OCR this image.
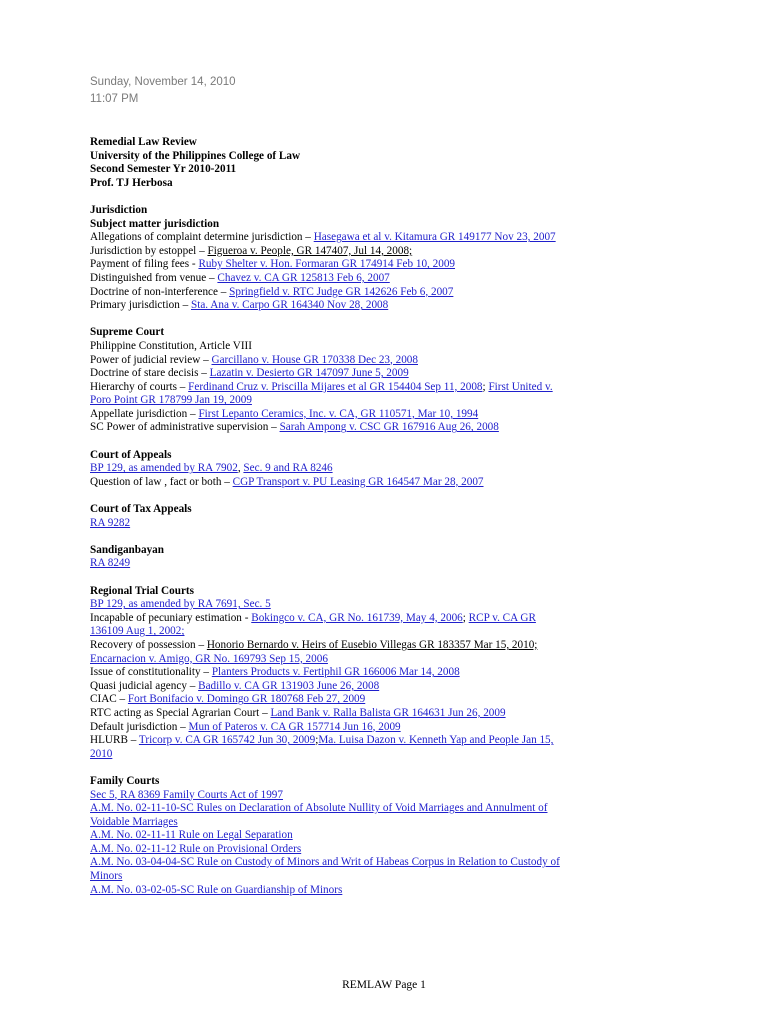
Sunday, November 14, 2010
11:07 PM
Remedial Law Review
University of the Philippines College of Law
Second Semester Yr 2010-2011
Prof. TJ Herbosa
Jurisdiction
Subject matter jurisdiction
Allegations of complaint determine jurisdiction – Hasegawa et al v. Kitamura GR 149177 Nov 23, 2007
Jurisdiction by estoppel – Figueroa v. People, GR 147407, Jul 14, 2008;
Payment of filing fees - Ruby Shelter v. Hon. Formaran GR 174914 Feb 10, 2009
Distinguished from venue – Chavez v. CA GR 125813 Feb 6, 2007
Doctrine of non-interference – Springfield v. RTC Judge GR 142626 Feb 6, 2007
Primary jurisdiction – Sta. Ana v. Carpo GR 164340 Nov 28, 2008
Supreme Court
Philippine Constitution, Article VIII
Power of judicial review – Garcillano v. House GR 170338 Dec 23, 2008
Doctrine of stare decisis – Lazatin v. Desierto GR 147097 June 5, 2009
Hierarchy of courts – Ferdinand Cruz v. Priscilla Mijares et al GR 154404 Sep 11, 2008; First United v. Poro Point GR 178799 Jan 19, 2009
Appellate jurisdiction – First Lepanto Ceramics, Inc. v. CA, GR 110571, Mar 10, 1994
SC Power of administrative supervision – Sarah Ampong v. CSC GR 167916 Aug 26, 2008
Court of Appeals
BP 129, as amended by RA 7902, Sec. 9 and RA 8246
Question of law , fact or both – CGP Transport v. PU Leasing GR 164547 Mar 28, 2007
Court of Tax Appeals
RA 9282
Sandiganbayan
RA 8249
Regional Trial Courts
BP 129, as amended by RA 7691, Sec. 5
Incapable of pecuniary estimation - Bokingco v. CA, GR No. 161739, May 4, 2006; RCP v. CA GR 136109 Aug 1, 2002;
Recovery of possession – Honorio Bernardo v. Heirs of Eusebio Villegas GR 183357 Mar 15, 2010;
Encarnacion v. Amigo, GR No. 169793 Sep 15, 2006
Issue of constitutionality – Planters Products v. Fertiphil GR 166006 Mar 14, 2008
Quasi judicial agency – Badillo v. CA GR 131903 June 26, 2008
CIAC – Fort Bonifacio v. Domingo GR 180768 Feb 27, 2009
RTC acting as Special Agrarian Court – Land Bank v. Ralla Balista GR 164631 Jun 26, 2009
Default jurisdiction – Mun of Pateros v. CA GR 157714 Jun 16, 2009
HLURB – Tricorp v. CA GR 165742 Jun 30, 2009;Ma. Luisa Dazon v. Kenneth Yap and People Jan 15, 2010
Family Courts
Sec 5, RA 8369 Family Courts Act of 1997
A.M. No. 02-11-10-SC Rules on Declaration of Absolute Nullity of Void Marriages and Annulment of Voidable Marriages
A.M. No. 02-11-11 Rule on Legal Separation
A.M. No. 02-11-12 Rule on Provisional Orders
A.M. No. 03-04-04-SC Rule on Custody of Minors and Writ of Habeas Corpus in Relation to Custody of Minors
A.M. No. 03-02-05-SC Rule on Guardianship of Minors
REMLAW Page 1
